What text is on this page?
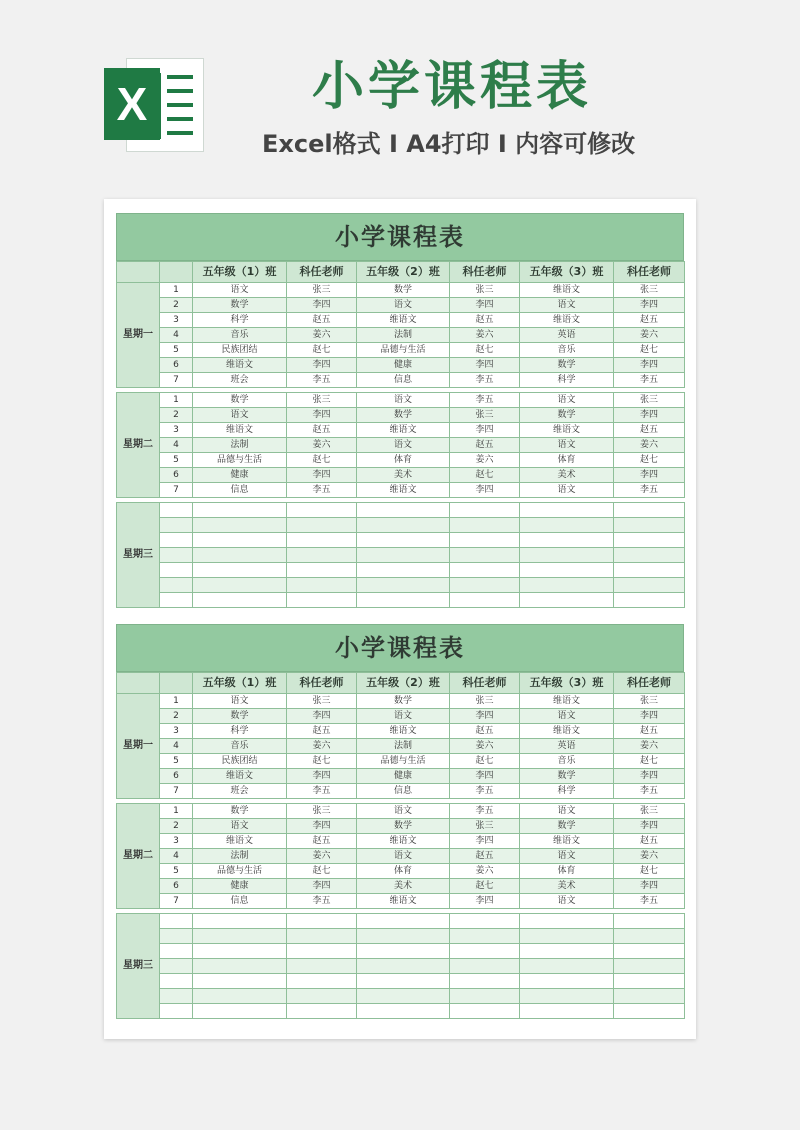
X	小学课程表
Excel格式 I A4打印 I 内容可修改
小学课程表
		五年级（1）班	科任老师	五年级（2）班	科任老师	五年级（3）班	科任老师
星期一	1	语文	张三	数学	张三	维语文	张三
	2	数学	李四	语文	李四	语文	李四
	3	科学	赵五	维语文	赵五	维语文	赵五
	4	音乐	姜六	法制	姜六	英语	姜六
	5	民族团结	赵七	品德与生活	赵七	音乐	赵七
	6	维语文	李四	健康	李四	数学	李四
	7	班会	李五	信息	李五	科学	李五

星期二	1	数学	张三	语文	李五	语文	张三
	2	语文	李四	数学	张三	数学	李四
	3	维语文	赵五	维语文	李四	维语文	赵五
	4	法制	姜六	语文	赵五	语文	姜六
	5	品德与生活	赵七	体育	姜六	体育	赵七
	6	健康	李四	美术	赵七	美术	李四
	7	信息	李五	维语文	李四	语文	李五

星期三							

小学课程表
		五年级（1）班	科任老师	五年级（2）班	科任老师	五年级（3）班	科任老师
星期一	1	语文	张三	数学	张三	维语文	张三
	2	数学	李四	语文	李四	语文	李四
	3	科学	赵五	维语文	赵五	维语文	赵五
	4	音乐	姜六	法制	姜六	英语	姜六
	5	民族团结	赵七	品德与生活	赵七	音乐	赵七
	6	维语文	李四	健康	李四	数学	李四
	7	班会	李五	信息	李五	科学	李五

星期二	1	数学	张三	语文	李五	语文	张三
	2	语文	李四	数学	张三	数学	李四
	3	维语文	赵五	维语文	李四	维语文	赵五
	4	法制	姜六	语文	赵五	语文	姜六
	5	品德与生活	赵七	体育	姜六	体育	赵七
	6	健康	李四	美术	赵七	美术	李四
	7	信息	李五	维语文	李四	语文	李五

星期三							
